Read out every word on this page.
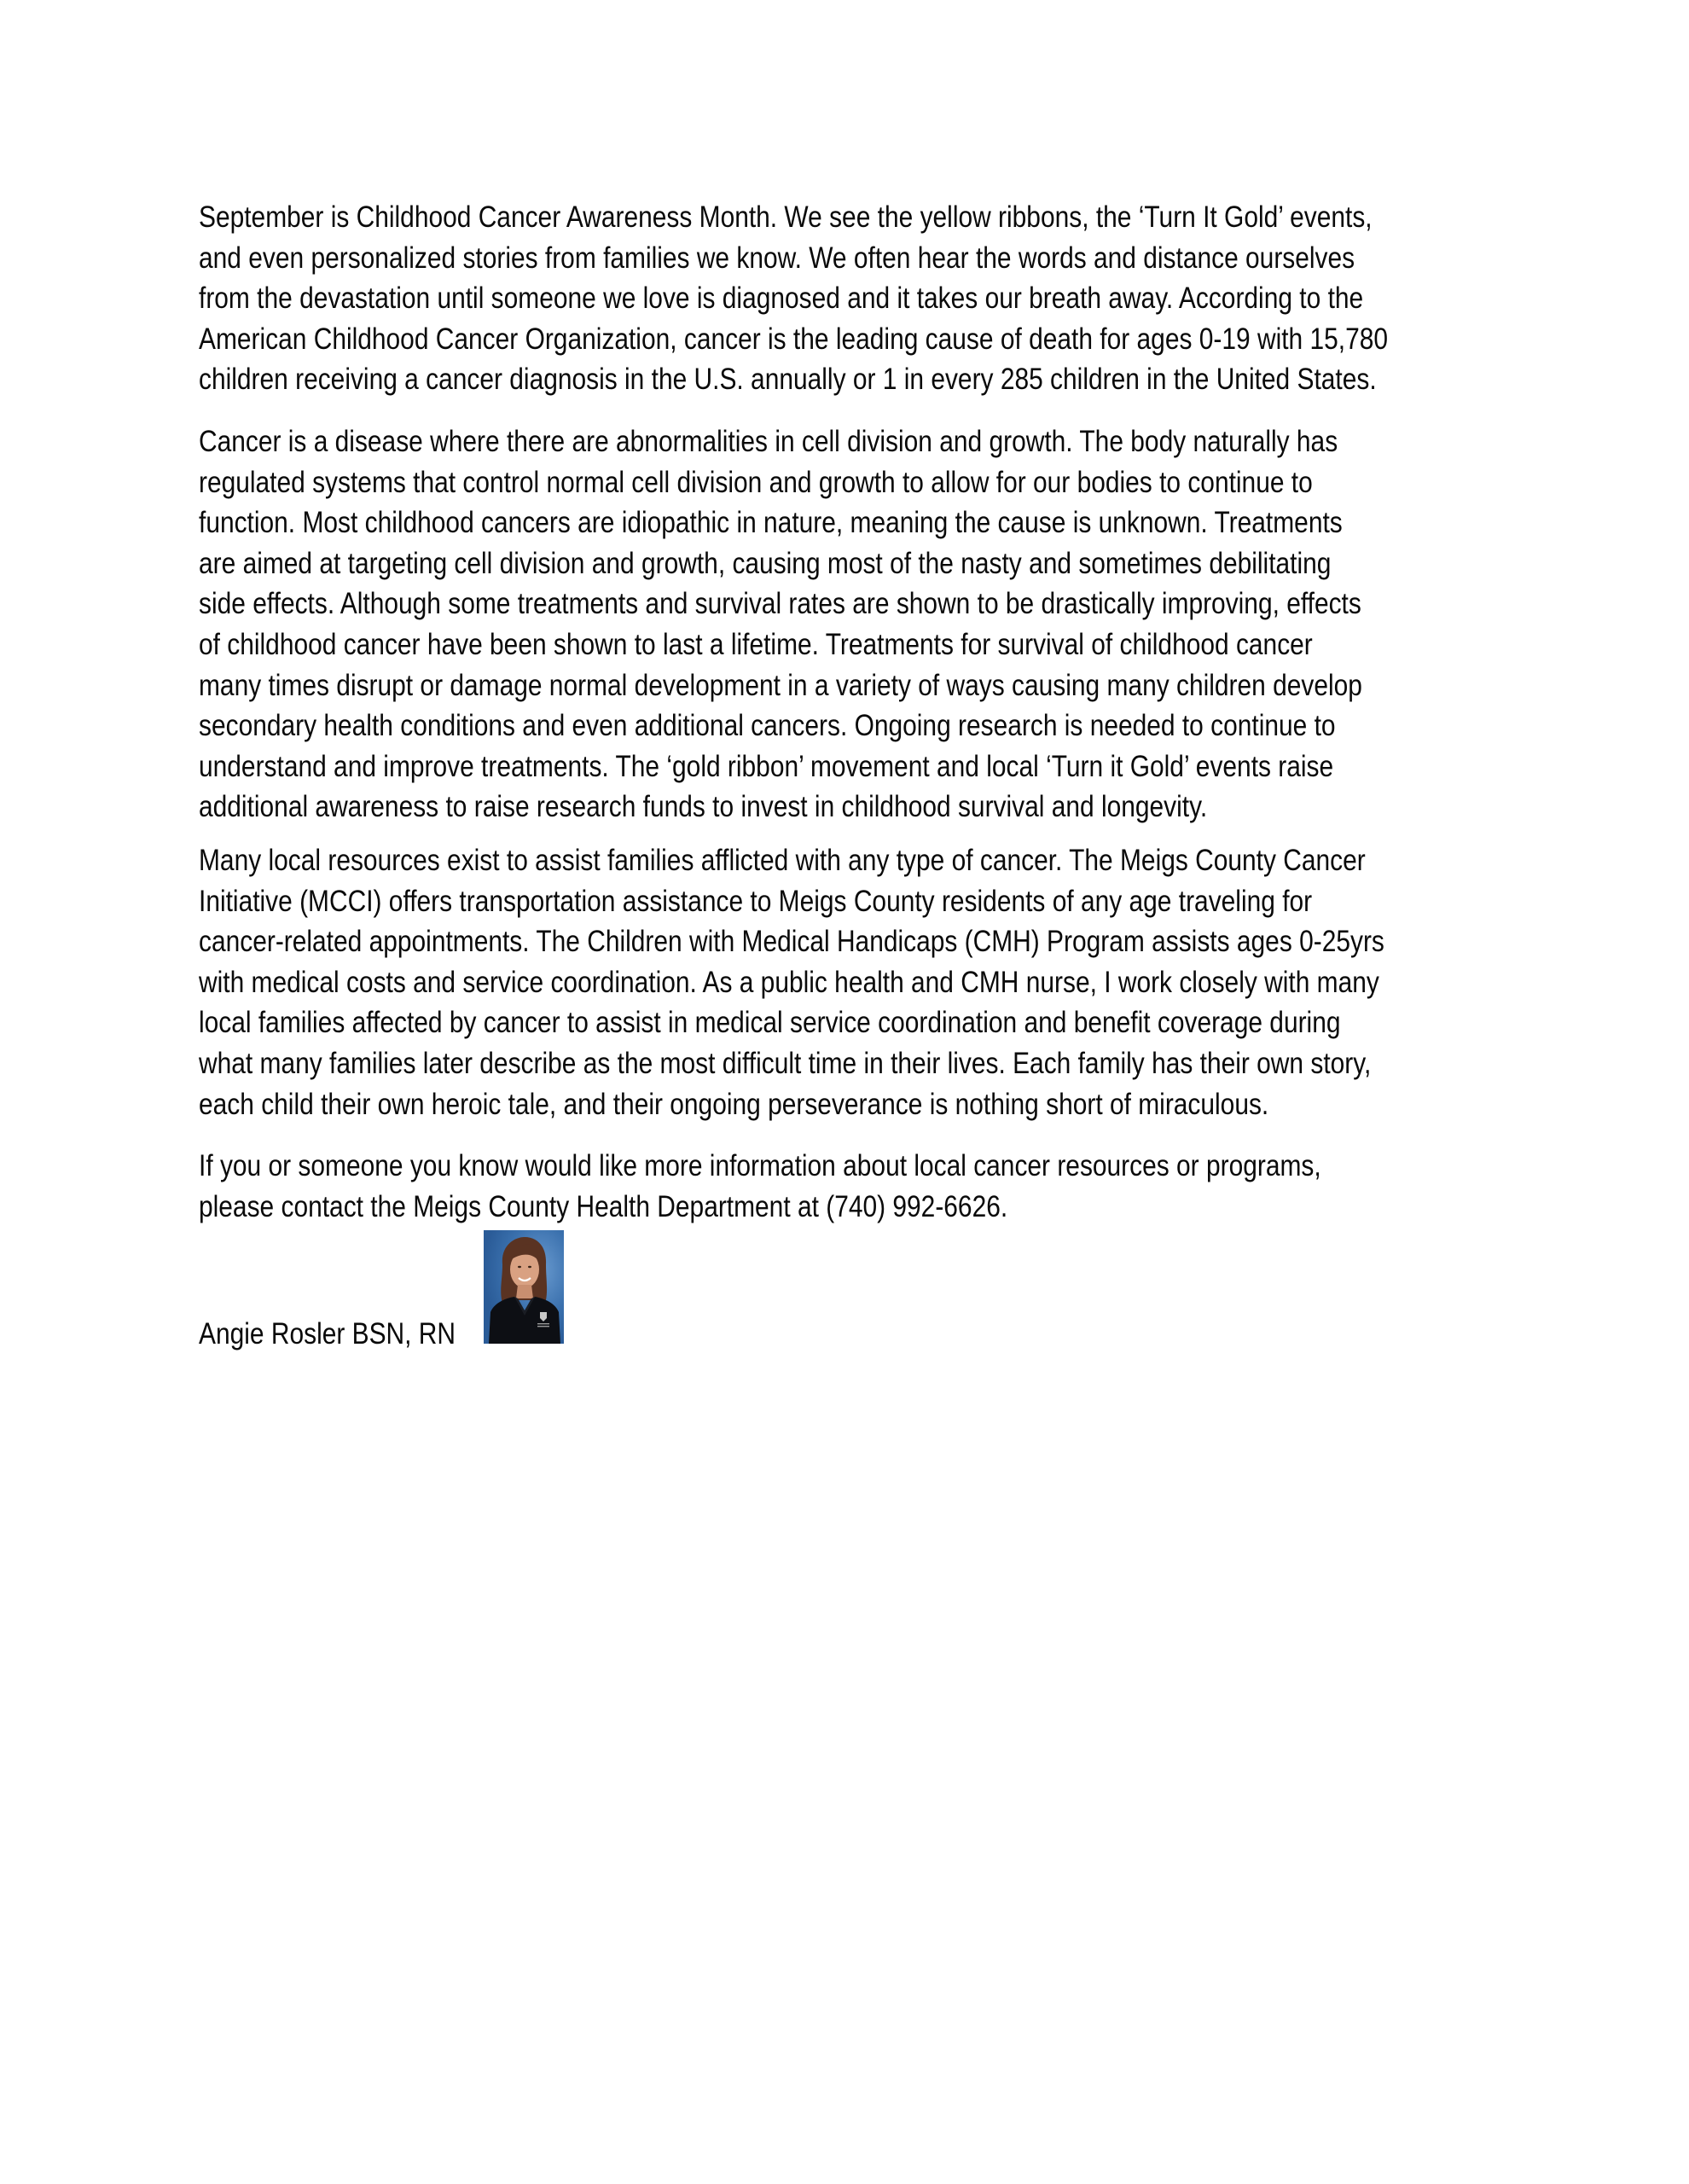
September is Childhood Cancer Awareness Month. We see the yellow ribbons, the ‘Turn It Gold’ events,
and even personalized stories from families we know. We often hear the words and distance ourselves
from the devastation until someone we love is diagnosed and it takes our breath away. According to the
American Childhood Cancer Organization, cancer is the leading cause of death for ages 0-19 with 15,780
children receiving a cancer diagnosis in the U.S. annually or 1 in every 285 children in the United States.
Cancer is a disease where there are abnormalities in cell division and growth. The body naturally has
regulated systems that control normal cell division and growth to allow for our bodies to continue to
function. Most childhood cancers are idiopathic in nature, meaning the cause is unknown. Treatments
are aimed at targeting cell division and growth, causing most of the nasty and sometimes debilitating
side effects. Although some treatments and survival rates are shown to be drastically improving, effects
of childhood cancer have been shown to last a lifetime. Treatments for survival of childhood cancer
many times disrupt or damage normal development in a variety of ways causing many children develop
secondary health conditions and even additional cancers. Ongoing research is needed to continue to
understand and improve treatments. The ‘gold ribbon’ movement and local ‘Turn it Gold’ events raise
additional awareness to raise research funds to invest in childhood survival and longevity.
Many local resources exist to assist families afflicted with any type of cancer. The Meigs County Cancer
Initiative (MCCI) offers transportation assistance to Meigs County residents of any age traveling for
cancer-related appointments. The Children with Medical Handicaps (CMH) Program assists ages 0-25yrs
with medical costs and service coordination. As a public health and CMH nurse, I work closely with many
local families affected by cancer to assist in medical service coordination and benefit coverage during
what many families later describe as the most difficult time in their lives. Each family has their own story,
each child their own heroic tale, and their ongoing perseverance is nothing short of miraculous.
If you or someone you know would like more information about local cancer resources or programs,
please contact the Meigs County Health Department at (740) 992-6626.
Angie Rosler BSN, RN
